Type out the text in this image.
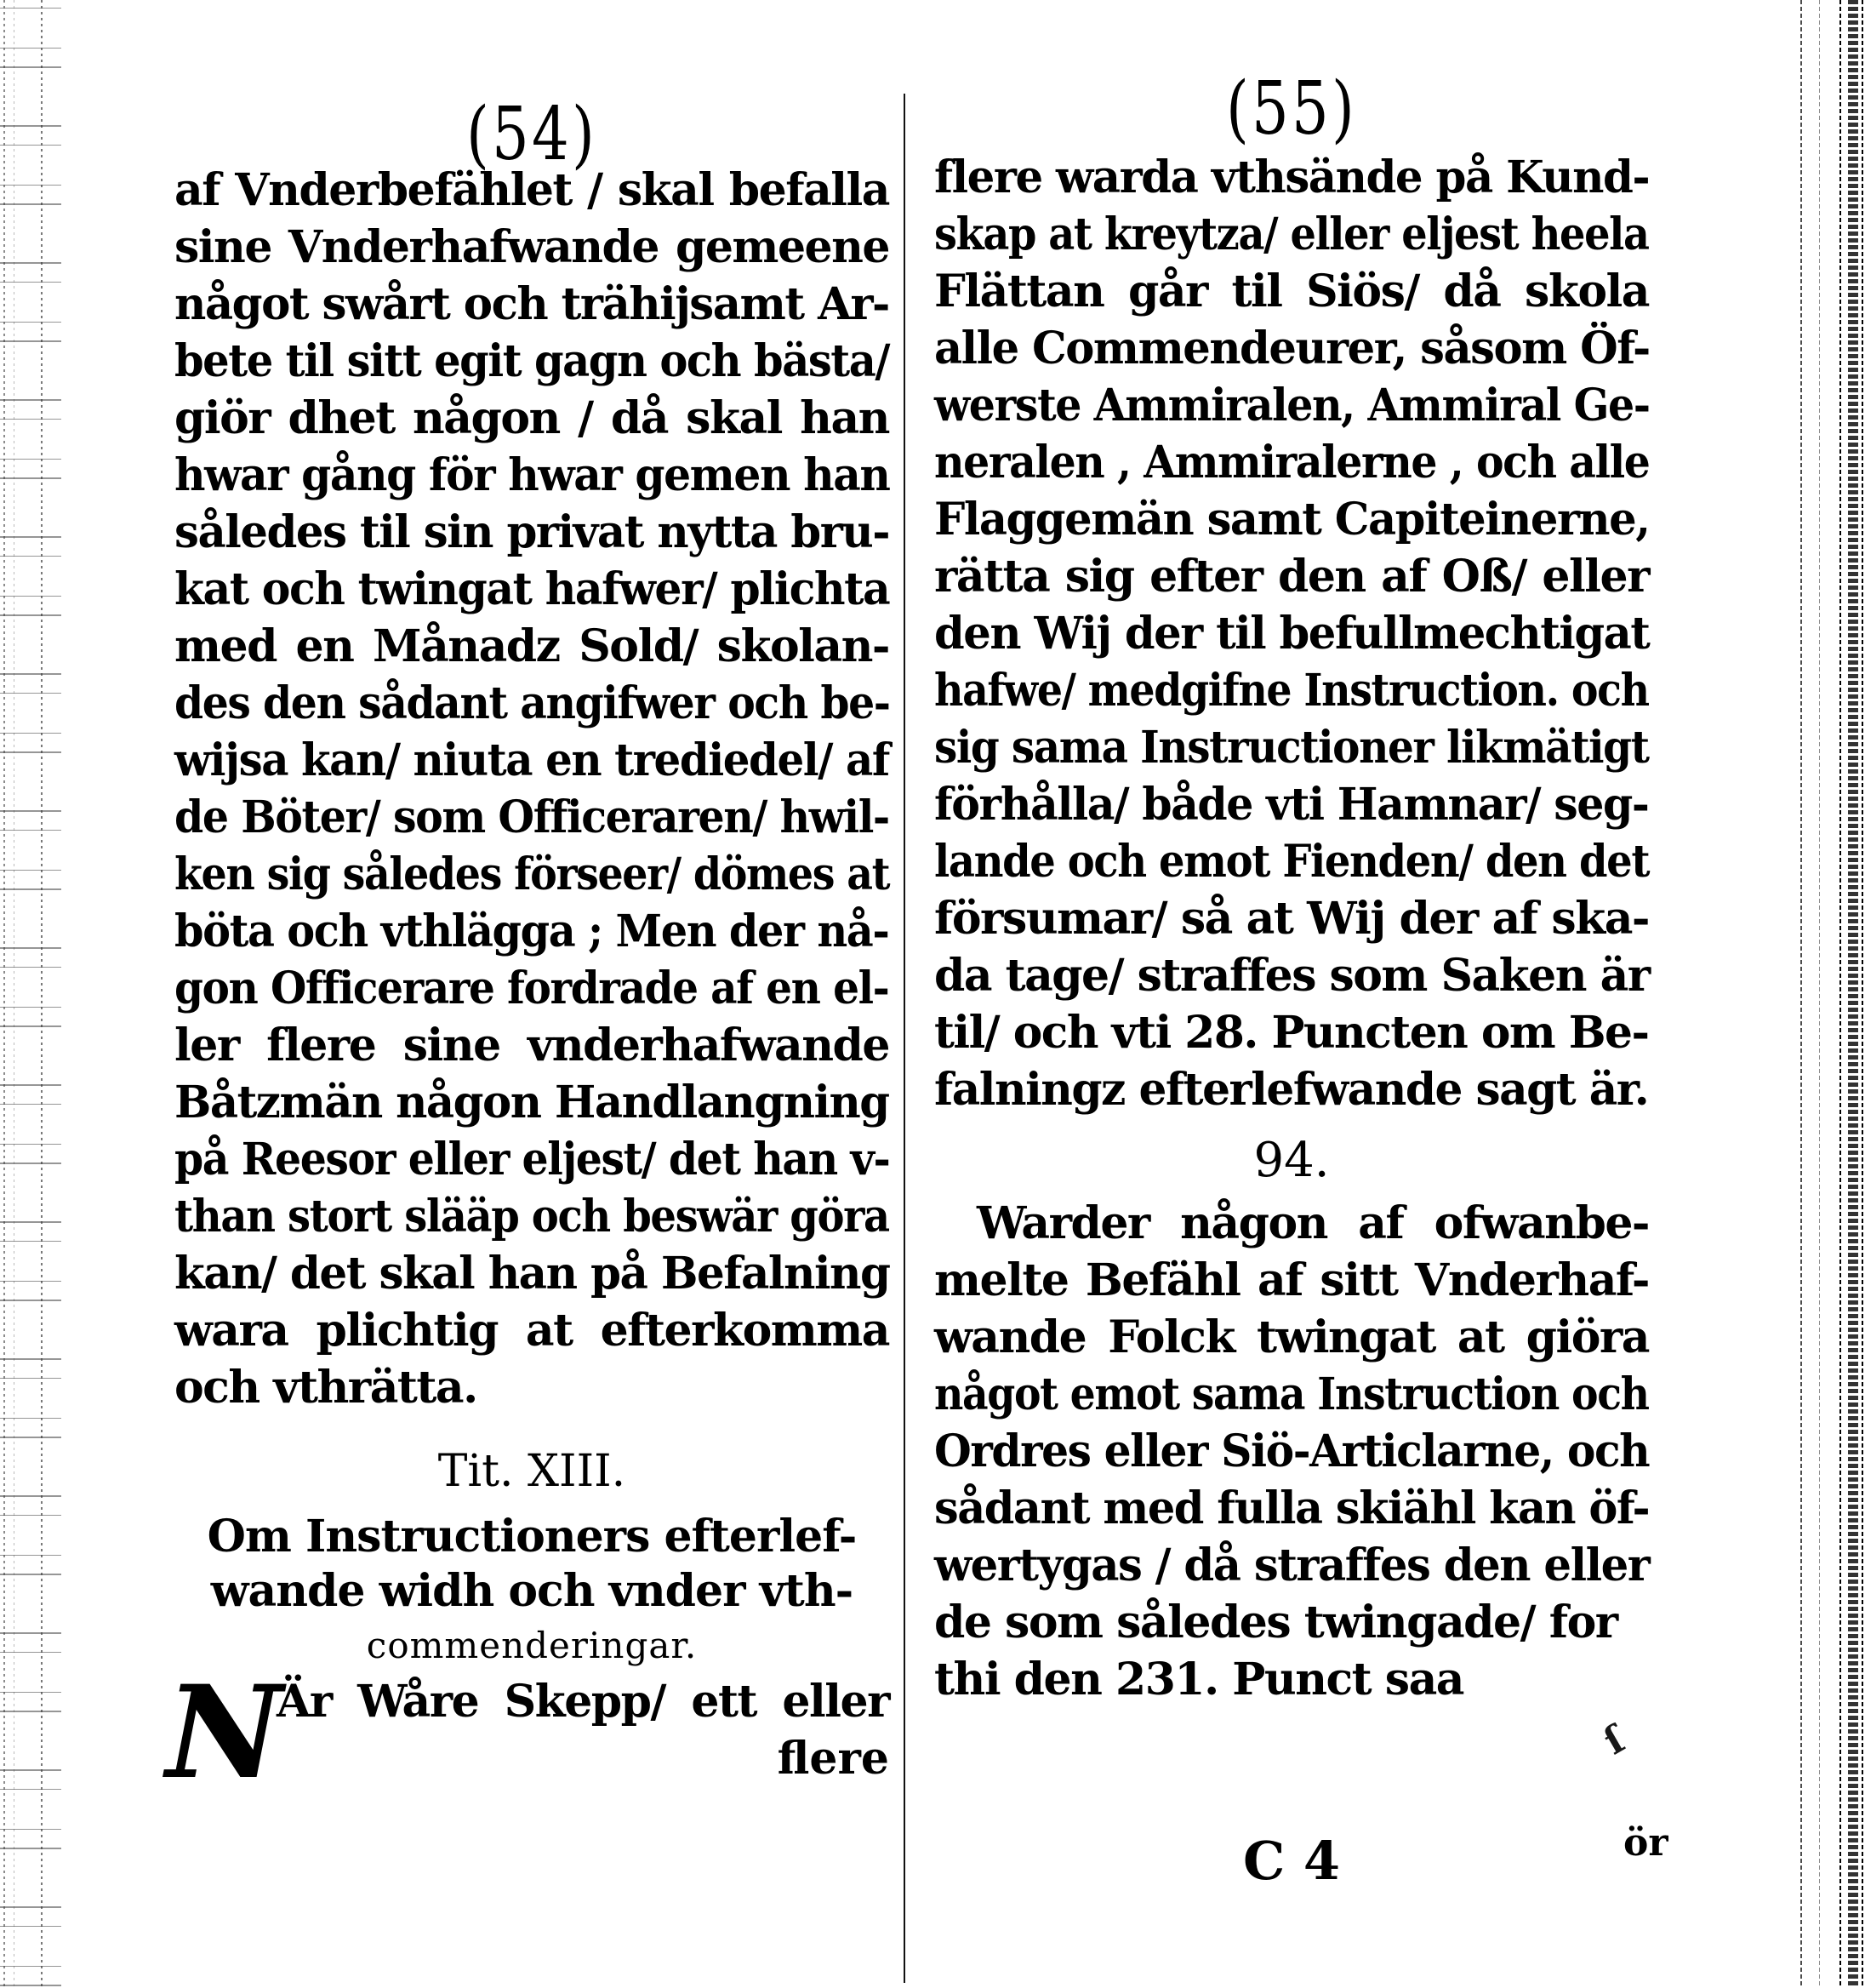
(54)
af Vnderbefählet / skal befalla
sine Vnderhafwande gemeene
något swårt och trähijsamt Ar-
bete til sitt egit gagn och bästa/
giör dhet någon / då skal han
hwar gång för hwar gemen han
således til sin privat nytta bru-
kat och twingat hafwer/ plichta
med en Månadz Sold/ skolan-
des den sådant angifwer och be-
wijsa kan/ niuta en trediedel/ af
de Böter/ som Officeraren/ hwil-
ken sig således förseer/ dömes at
böta och vthlägga ; Men der nå-
gon Officerare fordrade af en el-
ler flere sine vnderhafwande
Båtzmän någon Handlangning
på Reesor eller eljest/ det han v-
than stort slääp och beswär göra
kan/ det skal han på Befalning
wara plichtig at efterkomma
och vthrätta.
Tit. XIII.
Om Instructioners efterlef-
wande widh och vnder vth-
commenderingar.
N
Är Wåre Skepp/ ett eller
flere
(55)
flere warda vthsände på Kund-
skap at kreytza/ eller eljest heela
Flättan går til Siös/ då skola
alle Commendeurer, såsom Öf-
werste Ammiralen, Ammiral Ge-
neralen , Ammiralerne , och alle
Flaggemän samt Capiteinerne,
rätta sig efter den af Oß/ eller
den Wij der til befullmechtigat
hafwe/ medgifne Instruction. och
sig sama Instructioner likmätigt
förhålla/ både vti Hamnar/ seg-
lande och emot Fienden/ den det
försumar/ så at Wij der af ska-
da tage/ straffes som Saken är
til/ och vti 28. Puncten om Be-
falningz efterlefwande sagt är.
94.
Warder någon af ofwanbe-
melte Befähl af sitt Vnderhaf-
wande Folck twingat at giöra
något emot sama Instruction och
Ordres eller Siö-Articlarne, och
sådant med fulla skiähl kan öf-
wertygas / då straffes den eller
de som således twingade/ for
thi den 231. Punct saa
ſ
ör
C 4
